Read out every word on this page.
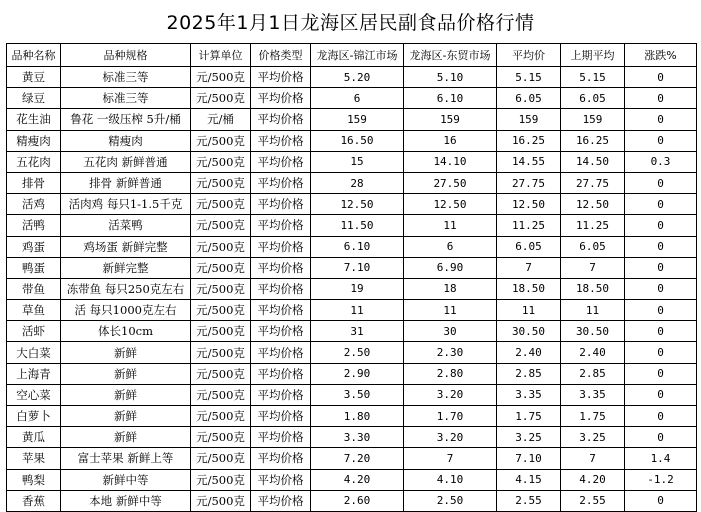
2025年1月1日龙海区居民副食品价格行情
品种名称	品种规格	计算单位	价格类型	龙海区-锦江市场	龙海区-东贸市场	平均价	上期平均	涨跌%
黄豆	标准三等	元/500克	平均价格	5.20	5.10	5.15	5.15	0
绿豆	标准三等	元/500克	平均价格	6	6.10	6.05	6.05	0
花生油	鲁花 一级压榨 5升/桶	元/桶	平均价格	159	159	159	159	0
精瘦肉	精瘦肉	元/500克	平均价格	16.50	16	16.25	16.25	0
五花肉	五花肉 新鲜普通	元/500克	平均价格	15	14.10	14.55	14.50	0.3
排骨	排骨 新鲜普通	元/500克	平均价格	28	27.50	27.75	27.75	0
活鸡	活肉鸡 每只1-1.5千克	元/500克	平均价格	12.50	12.50	12.50	12.50	0
活鸭	活菜鸭	元/500克	平均价格	11.50	11	11.25	11.25	0
鸡蛋	鸡场蛋 新鲜完整	元/500克	平均价格	6.10	6	6.05	6.05	0
鸭蛋	新鲜完整	元/500克	平均价格	7.10	6.90	7	7	0
带鱼	冻带鱼 每只250克左右	元/500克	平均价格	19	18	18.50	18.50	0
草鱼	活 每只1000克左右	元/500克	平均价格	11	11	11	11	0
活虾	体长10cm	元/500克	平均价格	31	30	30.50	30.50	0
大白菜	新鲜	元/500克	平均价格	2.50	2.30	2.40	2.40	0
上海青	新鲜	元/500克	平均价格	2.90	2.80	2.85	2.85	0
空心菜	新鲜	元/500克	平均价格	3.50	3.20	3.35	3.35	0
白萝卜	新鲜	元/500克	平均价格	1.80	1.70	1.75	1.75	0
黄瓜	新鲜	元/500克	平均价格	3.30	3.20	3.25	3.25	0
苹果	富士苹果 新鲜上等	元/500克	平均价格	7.20	7	7.10	7	1.4
鸭梨	新鲜中等	元/500克	平均价格	4.20	4.10	4.15	4.20	-1.2
香蕉	本地 新鲜中等	元/500克	平均价格	2.60	2.50	2.55	2.55	0
